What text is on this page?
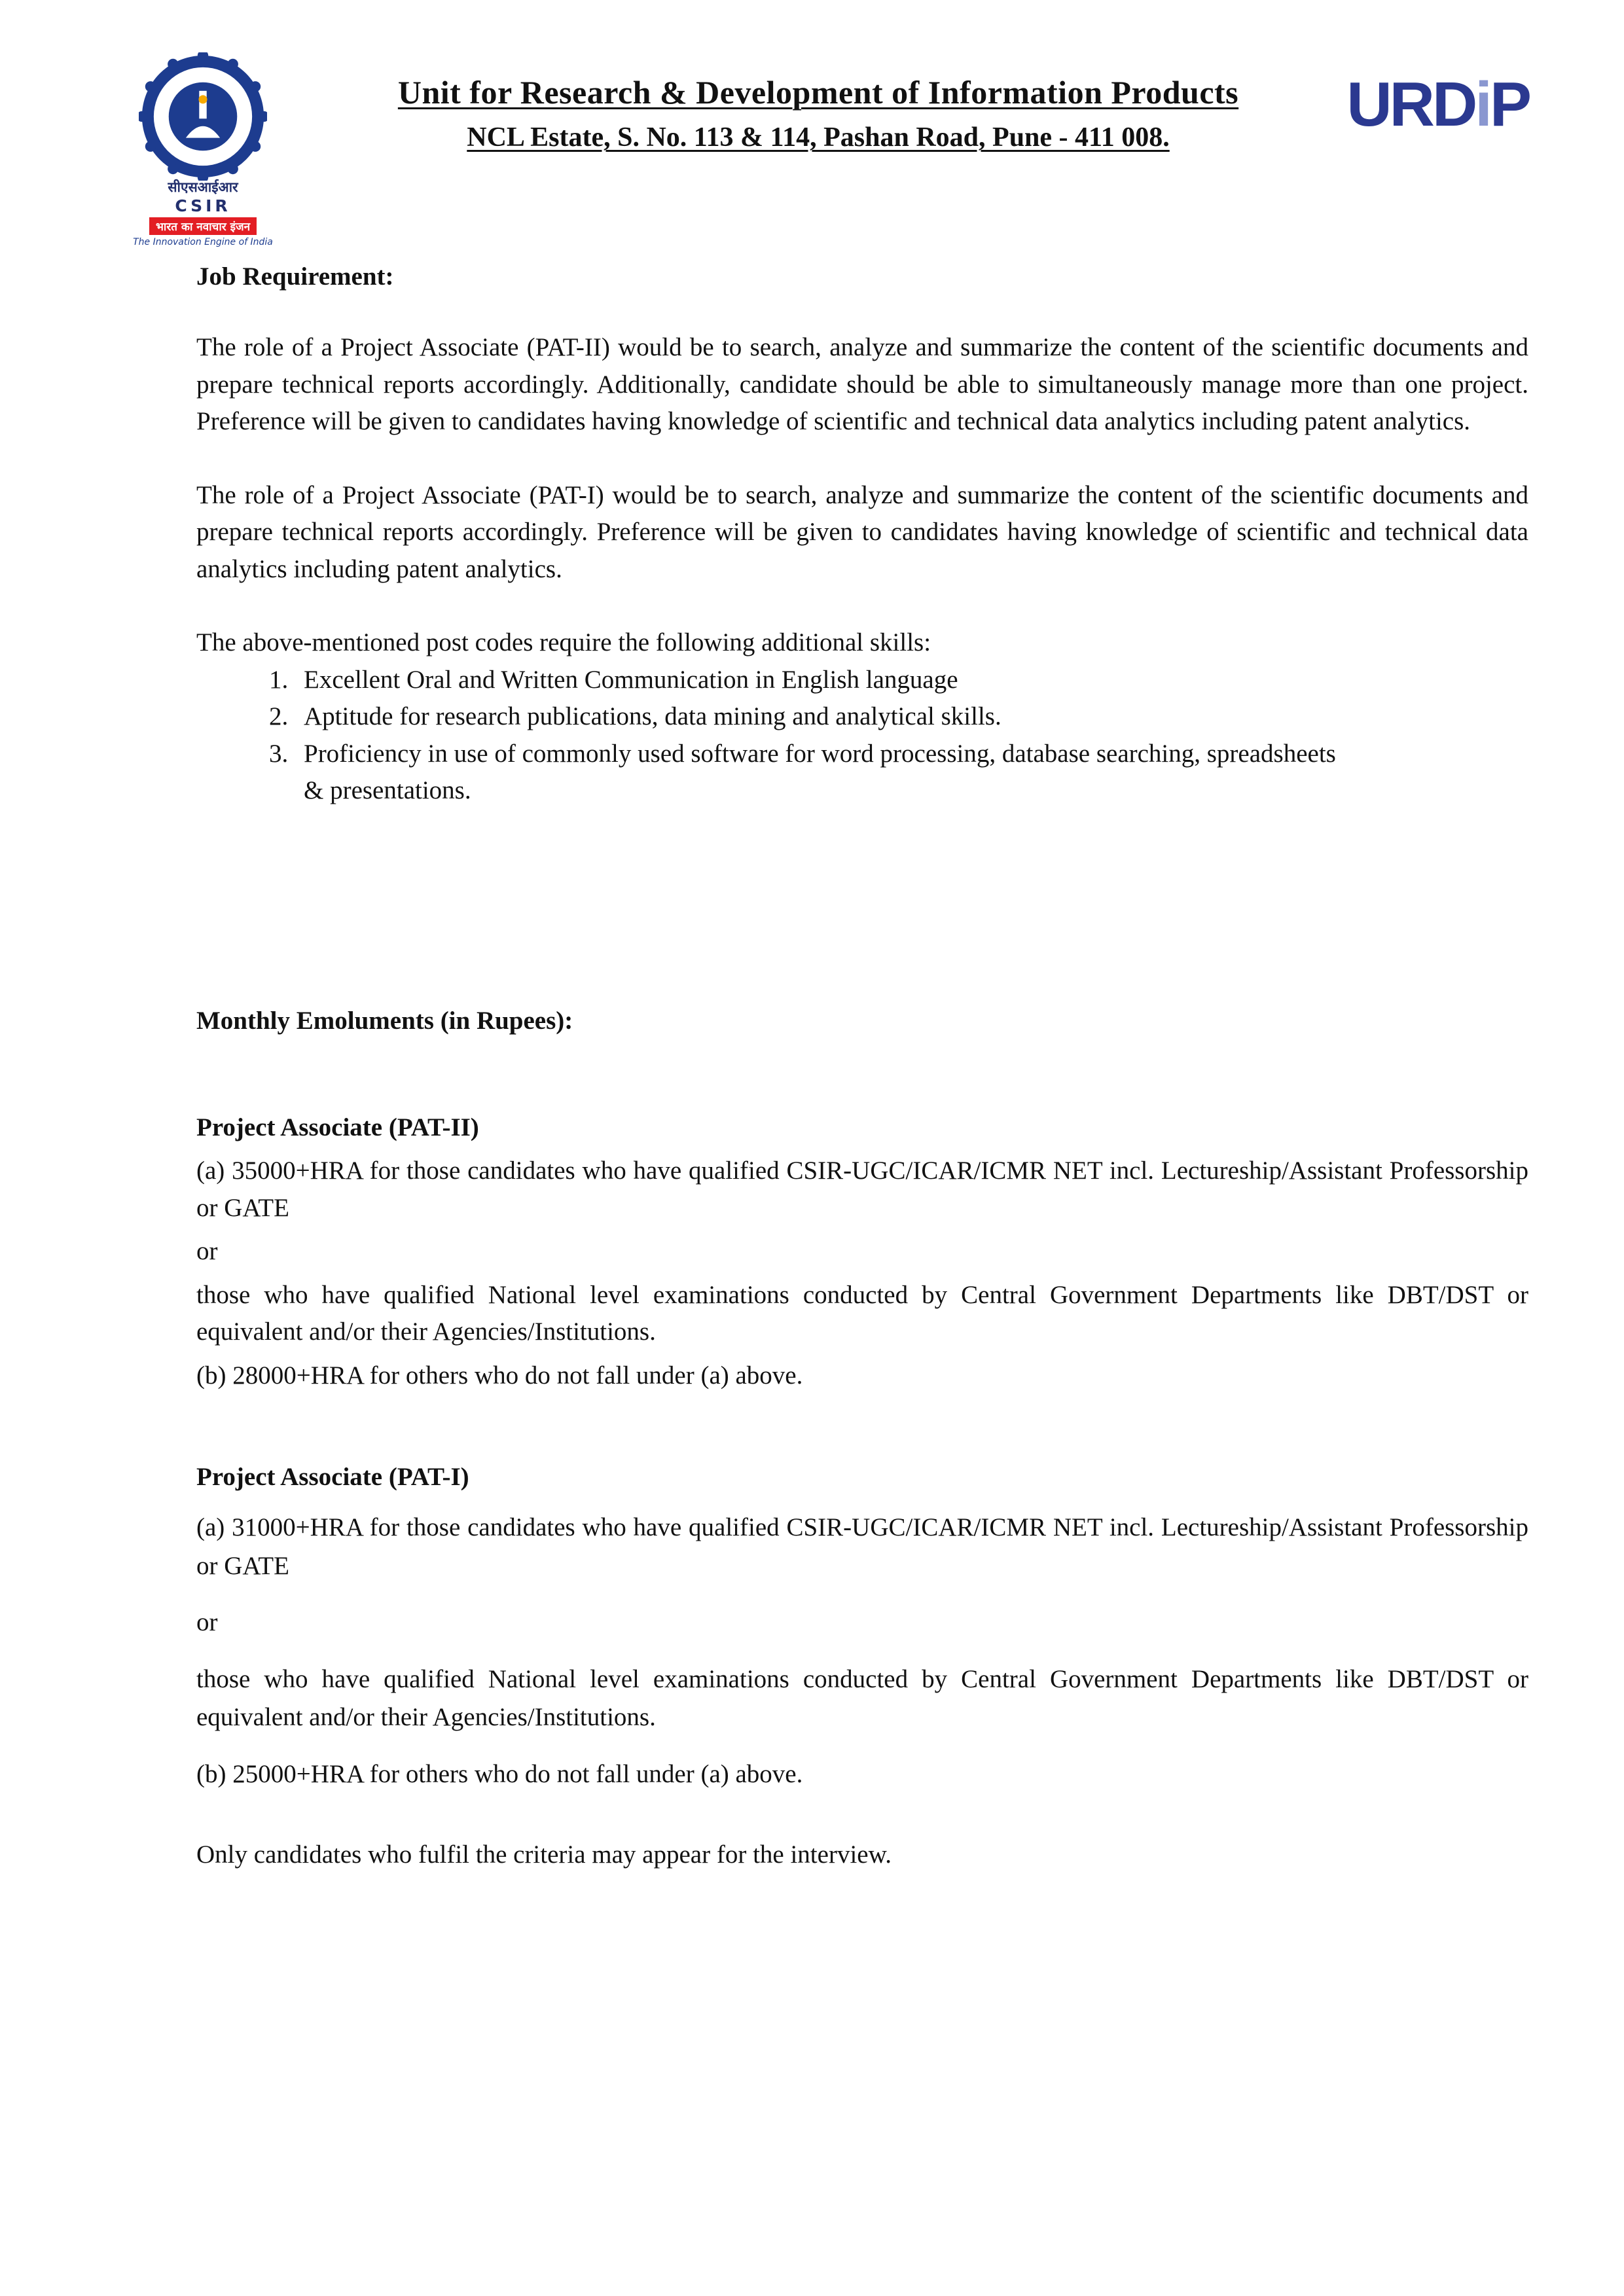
सीएसआईआर
CSIR
भारत का नवाचार इंजन
The Innovation Engine of India
Unit for Research & Development of Information Products
NCL Estate, S. No. 113 & 114, Pashan Road, Pune - 411 008.	URDiP
Job Requirement:

The role of a Project Associate (PAT-II) would be to search, analyze and summarize the content of the scientific documents and prepare technical reports accordingly. Additionally, candidate should be able to simultaneously manage more than one project. Preference will be given to candidates having knowledge of scientific and technical data analytics including patent analytics.

The role of a Project Associate (PAT-I) would be to search, analyze and summarize the content of the scientific documents and prepare technical reports accordingly. Preference will be given to candidates having knowledge of scientific and technical data analytics including patent analytics.

The above-mentioned post codes require the following additional skills:

1. Excellent Oral and Written Communication in English language
2. Aptitude for research publications, data mining and analytical skills.
3. Proficiency in use of commonly used software for word processing, database searching, spreadsheets & presentations.
Monthly Emoluments (in Rupees):
Project Associate (PAT-II)

(a) 35000+HRA for those candidates who have qualified CSIR-UGC/ICAR/ICMR NET incl. Lectureship/Assistant Professorship or GATE

or

those who have qualified National level examinations conducted by Central Government Departments like DBT/DST or equivalent and/or their Agencies/Institutions.

(b) 28000+HRA for others who do not fall under (a) above.

Project Associate (PAT-I)

(a) 31000+HRA for those candidates who have qualified CSIR-UGC/ICAR/ICMR NET incl. Lectureship/Assistant Professorship or GATE

or

those who have qualified National level examinations conducted by Central Government Departments like DBT/DST or equivalent and/or their Agencies/Institutions.

(b) 25000+HRA for others who do not fall under (a) above.

Only candidates who fulfil the criteria may appear for the interview.
